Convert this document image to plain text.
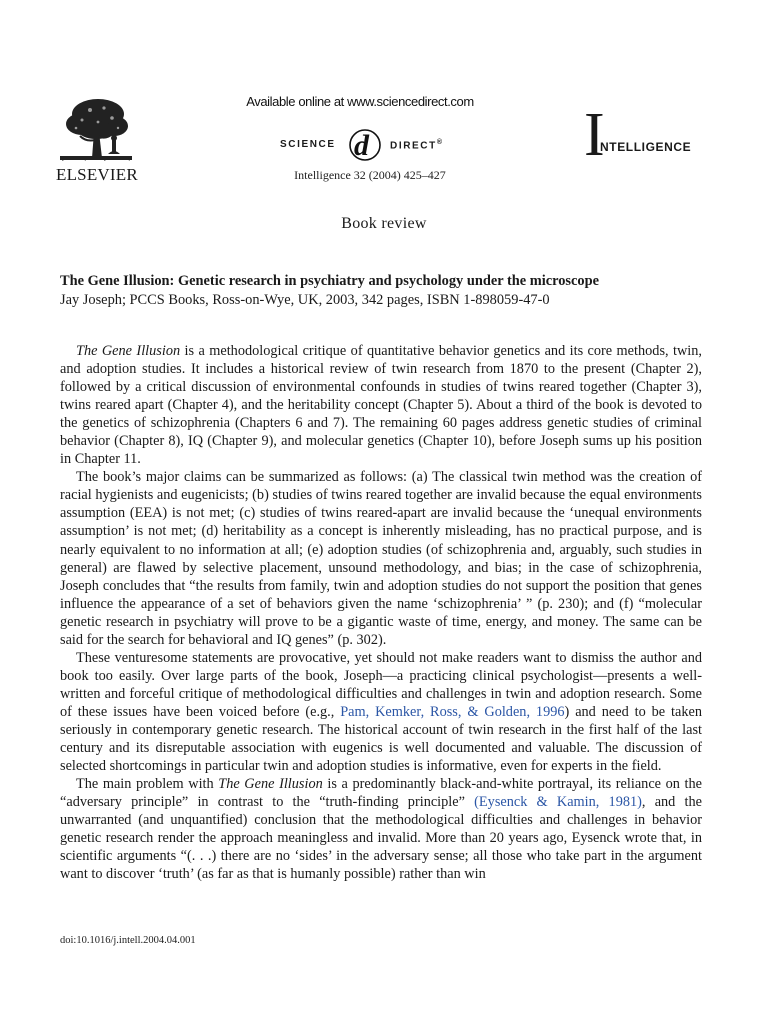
ELSEVIER
Available online at www.sciencedirect.com
SCIENCE d DIRECT®
Intelligence 32 (2004) 425–427
I
NTELLIGENCE
Book review
The Gene Illusion: Genetic research in psychiatry and psychology under the microscope
Jay Joseph; PCCS Books, Ross-on-Wye, UK, 2003, 342 pages, ISBN 1-898059-47-0

The Gene Illusion is a methodological critique of quantitative behavior genetics and its core methods, twin, and adoption studies. It includes a historical review of twin research from 1870 to the present (Chapter 2), followed by a critical discussion of environmental confounds in studies of twins reared together (Chapter 3), twins reared apart (Chapter 4), and the heritability concept (Chapter 5). About a third of the book is devoted to the genetics of schizophrenia (Chapters 6 and 7). The remaining 60 pages address genetic studies of criminal behavior (Chapter 8), IQ (Chapter 9), and molecular genetics (Chapter 10), before Joseph sums up his position in Chapter 11.

The book’s major claims can be summarized as follows: (a) The classical twin method was the creation of racial hygienists and eugenicists; (b) studies of twins reared together are invalid because the equal environments assumption (EEA) is not met; (c) studies of twins reared-apart are invalid because the ‘unequal environments assumption’ is not met; (d) heritability as a concept is inherently misleading, has no practical purpose, and is nearly equivalent to no information at all; (e) adoption studies (of schizophrenia and, arguably, such studies in general) are flawed by selective placement, unsound methodology, and bias; in the case of schizophrenia, Joseph concludes that “the results from family, twin and adoption studies do not support the position that genes influence the appearance of a set of behaviors given the name ‘schizophrenia’ ” (p. 230); and (f) “molecular genetic research in psychiatry will prove to be a gigantic waste of time, energy, and money. The same can be said for the search for behavioral and IQ genes” (p. 302).

These venturesome statements are provocative, yet should not make readers want to dismiss the author and book too easily. Over large parts of the book, Joseph—a practicing clinical psychologist—presents a well-written and forceful critique of methodological difficulties and challenges in twin and adoption research. Some of these issues have been voiced before (e.g., Pam, Kemker, Ross, & Golden, 1996) and need to be taken seriously in contemporary genetic research. The historical account of twin research in the first half of the last century and its disreputable association with eugenics is well documented and valuable. The discussion of selected shortcomings in particular twin and adoption studies is informative, even for experts in the field.

The main problem with The Gene Illusion is a predominantly black-and-white portrayal, its reliance on the “adversary principle” in contrast to the “truth-finding principle” (Eysenck & Kamin, 1981), and the unwarranted (and unquantified) conclusion that the methodological difficulties and challenges in behavior genetic research render the approach meaningless and invalid. More than 20 years ago, Eysenck wrote that, in scientific arguments “(. . .) there are no ‘sides’ in the adversary sense; all those who take part in the argument want to discover ‘truth’ (as far as that is humanly possible) rather than win

doi:10.1016/j.intell.2004.04.001
